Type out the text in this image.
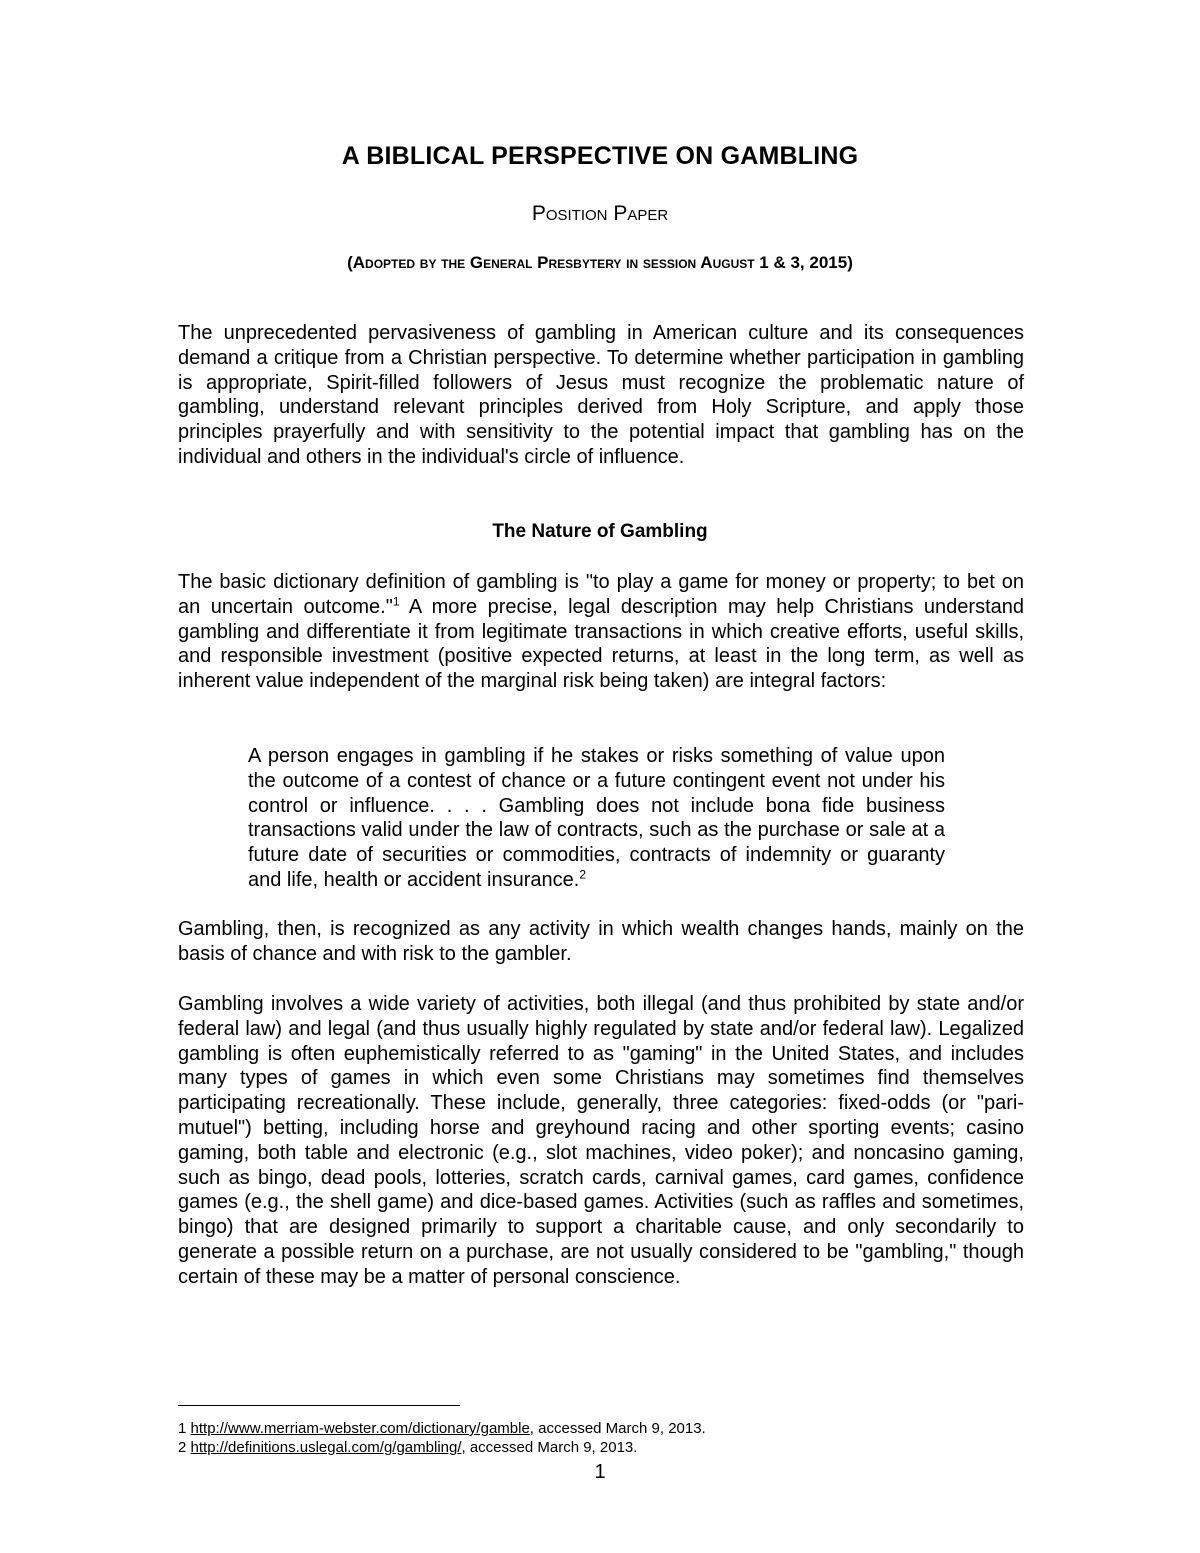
A BIBLICAL PERSPECTIVE ON GAMBLING
Position Paper
(Adopted by the General Presbytery in session August 1 & 3, 2015)

The unprecedented pervasiveness of gambling in American culture and its consequences demand a critique from a Christian perspective. To determine whether participation in gambling is appropriate, Spirit-filled followers of Jesus must recognize the problematic nature of gambling, understand relevant principles derived from Holy Scripture, and apply those principles prayerfully and with sensitivity to the potential impact that gambling has on the individual and others in the individual's circle of influence.

The Nature of Gambling

The basic dictionary definition of gambling is "to play a game for money or property; to bet on an uncertain outcome."$^1$ A more precise, legal description may help Christians understand gambling and differentiate it from legitimate transactions in which creative efforts, useful skills, and responsible investment (positive expected returns, at least in the long term, as well as inherent value independent of the marginal risk being taken) are integral factors:

A person engages in gambling if he stakes or risks something of value upon the outcome of a contest of chance or a future contingent event not under his control or influence. . . . Gambling does not include bona fide business transactions valid under the law of contracts, such as the purchase or sale at a future date of securities or commodities, contracts of indemnity or guaranty and life, health or accident insurance.$^2$

Gambling, then, is recognized as any activity in which wealth changes hands, mainly on the basis of chance and with risk to the gambler.

Gambling involves a wide variety of activities, both illegal (and thus prohibited by state and/or federal law) and legal (and thus usually highly regulated by state and/or federal law). Legalized gambling is often euphemistically referred to as "gaming" in the United States, and includes many types of games in which even some Christians may sometimes find themselves participating recreationally. These include, generally, three categories: fixed-odds (or "pari-mutuel") betting, including horse and greyhound racing and other sporting events; casino gaming, both table and electronic (e.g., slot machines, video poker); and noncasino gaming, such as bingo, dead pools, lotteries, scratch cards, carnival games, card games, confidence games (e.g., the shell game) and dice-based games. Activities (such as raffles and sometimes, bingo) that are designed primarily to support a charitable cause, and only secondarily to generate a possible return on a purchase, are not usually considered to be "gambling," though certain of these may be a matter of personal conscience.

1 http://www.merriam-webster.com/dictionary/gamble, accessed March 9, 2013.

2 http://definitions.uslegal.com/g/gambling/, accessed March 9, 2013.

1
